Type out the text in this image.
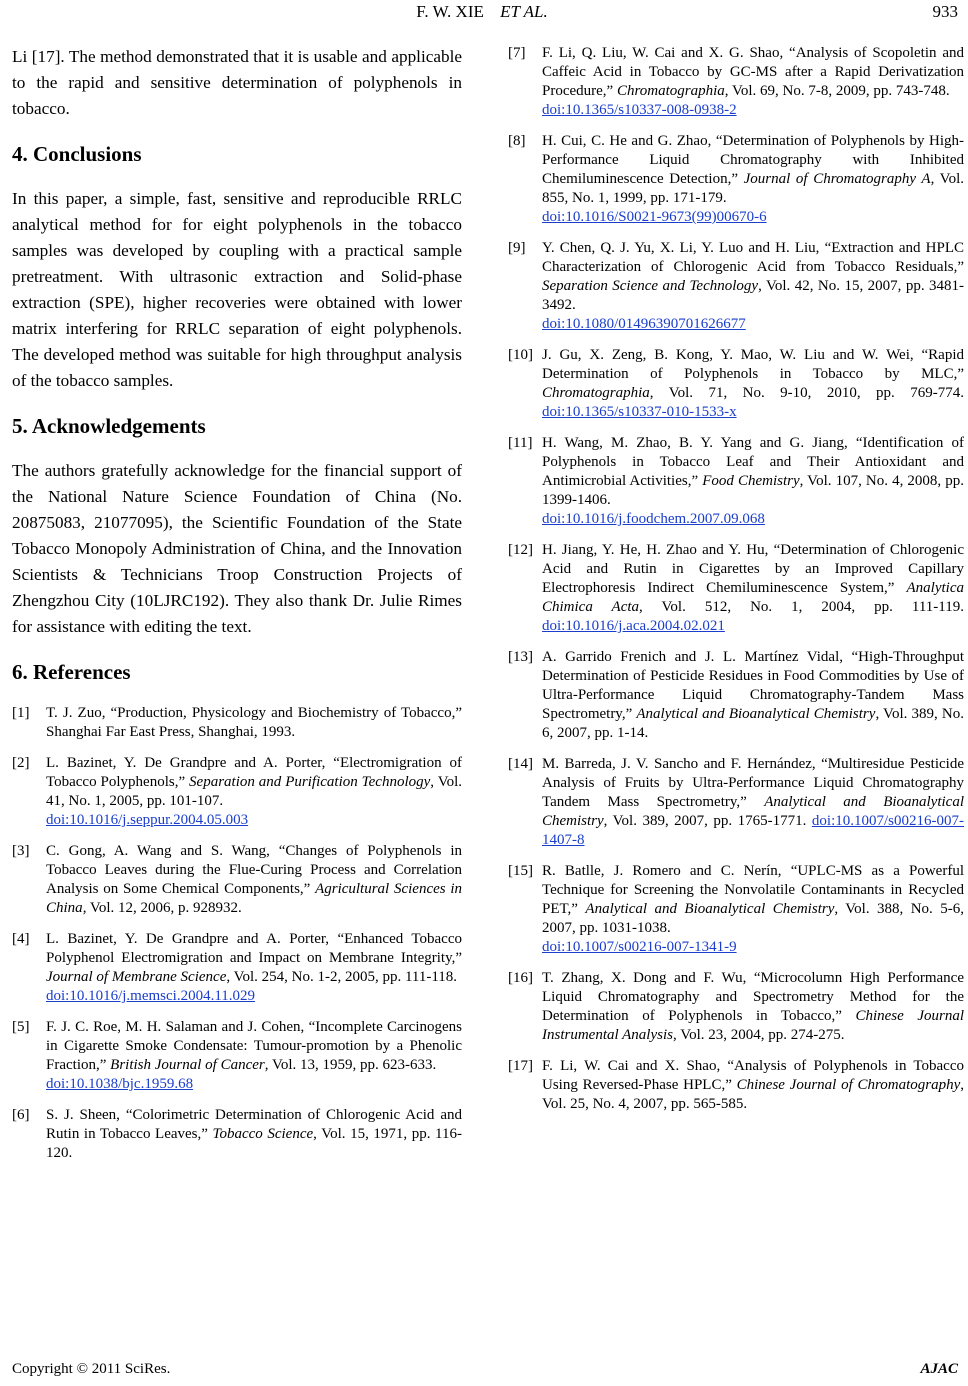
F. W. XIE ET AL.	933

Li [17]. The method demonstrated that it is usable and applicable to the rapid and sensitive determination of polyphenols in tobacco.

4. Conclusions

In this paper, a simple, fast, sensitive and reproducible RRLC analytical method for for eight polyphenols in the tobacco samples was developed by coupling with a practical sample pretreatment. With ultrasonic extraction and Solid-phase extraction (SPE), higher recoveries were obtained with lower matrix interfering for RRLC separation of eight polyphenols. The developed method was suitable for high throughput analysis of the tobacco samples.

5. Acknowledgements

The authors gratefully acknowledge for the financial support of the National Nature Science Foundation of China (No. 20875083, 21077095), the Scientific Foundation of the State Tobacco Monopoly Administration of China, and the Innovation Scientists & Technicians Troop Construction Projects of Zhengzhou City (10LJRC192). They also thank Dr. Julie Rimes for assistance with editing the text.

6. References
[1] T. J. Zuo, “Production, Physicology and Biochemistry of Tobacco,” Shanghai Far East Press, Shanghai, 1993.
[2] L. Bazinet, Y. De Grandpre and A. Porter, “Electromigration of Tobacco Polyphenols,” Separation and Purification Technology, Vol. 41, No. 1, 2005, pp. 101-107.
doi:10.1016/j.seppur.2004.05.003
[3] C. Gong, A. Wang and S. Wang, “Changes of Polyphenols in Tobacco Leaves during the Flue-Curing Process and Correlation Analysis on Some Chemical Components,” Agricultural Sciences in China, Vol. 12, 2006, p. 928932.
[4] L. Bazinet, Y. De Grandpre and A. Porter, “Enhanced Tobacco Polyphenol Electromigration and Impact on Membrane Integrity,” Journal of Membrane Science, Vol. 254, No. 1-2, 2005, pp. 111-118.
doi:10.1016/j.memsci.2004.11.029
[5] F. J. C. Roe, M. H. Salaman and J. Cohen, “Incomplete Carcinogens in Cigarette Smoke Condensate: Tumour-promotion by a Phenolic Fraction,” British Journal of Cancer, Vol. 13, 1959, pp. 623-633.
doi:10.1038/bjc.1959.68
[6] S. J. Sheen, “Colorimetric Determination of Chlorogenic Acid and Rutin in Tobacco Leaves,” Tobacco Science, Vol. 15, 1971, pp. 116-120.
[7] F. Li, Q. Liu, W. Cai and X. G. Shao, “Analysis of Scopoletin and Caffeic Acid in Tobacco by GC-MS after a Rapid Derivatization Procedure,” Chromatographia, Vol. 69, No. 7-8, 2009, pp. 743-748.
doi:10.1365/s10337-008-0938-2
[8] H. Cui, C. He and G. Zhao, “Determination of Polyphenols by High-Performance Liquid Chromatography with Inhibited Chemiluminescence Detection,” Journal of Chromatography A, Vol. 855, No. 1, 1999, pp. 171-179.
doi:10.1016/S0021-9673(99)00670-6
[9] Y. Chen, Q. J. Yu, X. Li, Y. Luo and H. Liu, “Extraction and HPLC Characterization of Chlorogenic Acid from Tobacco Residuals,” Separation Science and Technology, Vol. 42, No. 15, 2007, pp. 3481-3492.
doi:10.1080/01496390701626677
[10] J. Gu, X. Zeng, B. Kong, Y. Mao, W. Liu and W. Wei, “Rapid Determination of Polyphenols in Tobacco by MLC,” Chromatographia, Vol. 71, No. 9-10, 2010, pp. 769-774. doi:10.1365/s10337-010-1533-x
[11] H. Wang, M. Zhao, B. Y. Yang and G. Jiang, “Identification of Polyphenols in Tobacco Leaf and Their Antioxidant and Antimicrobial Activities,” Food Chemistry, Vol. 107, No. 4, 2008, pp. 1399-1406.
doi:10.1016/j.foodchem.2007.09.068
[12] H. Jiang, Y. He, H. Zhao and Y. Hu, “Determination of Chlorogenic Acid and Rutin in Cigarettes by an Improved Capillary Electrophoresis Indirect Chemiluminescence System,” Analytica Chimica Acta, Vol. 512, No. 1, 2004, pp. 111-119. doi:10.1016/j.aca.2004.02.021
[13] A. Garrido Frenich and J. L. Martínez Vidal, “High-Throughput Determination of Pesticide Residues in Food Commodities by Use of Ultra-Performance Liquid Chromatography-Tandem Mass Spectrometry,” Analytical and Bioanalytical Chemistry, Vol. 389, No. 6, 2007, pp. 1-14.
[14] M. Barreda, J. V. Sancho and F. Hernández, “Multiresidue Pesticide Analysis of Fruits by Ultra-Performance Liquid Chromatography Tandem Mass Spectrometry,” Analytical and Bioanalytical Chemistry, Vol. 389, 2007, pp. 1765-1771. doi:10.1007/s00216-007-1407-8
[15] R. Batlle, J. Romero and C. Nerín, “UPLC-MS as a Powerful Technique for Screening the Nonvolatile Contaminants in Recycled PET,” Analytical and Bioanalytical Chemistry, Vol. 388, No. 5-6, 2007, pp. 1031-1038.
doi:10.1007/s00216-007-1341-9
[16] T. Zhang, X. Dong and F. Wu, “Microcolumn High Performance Liquid Chromatography and Spectrometry Method for the Determination of Polyphenols in Tobacco,” Chinese Journal Instrumental Analysis, Vol. 23, 2004, pp. 274-275.
[17] F. Li, W. Cai and X. Shao, “Analysis of Polyphenols in Tobacco Using Reversed-Phase HPLC,” Chinese Journal of Chromatography, Vol. 25, No. 4, 2007, pp. 565-585.
Copyright © 2011 SciRes.	AJAC
